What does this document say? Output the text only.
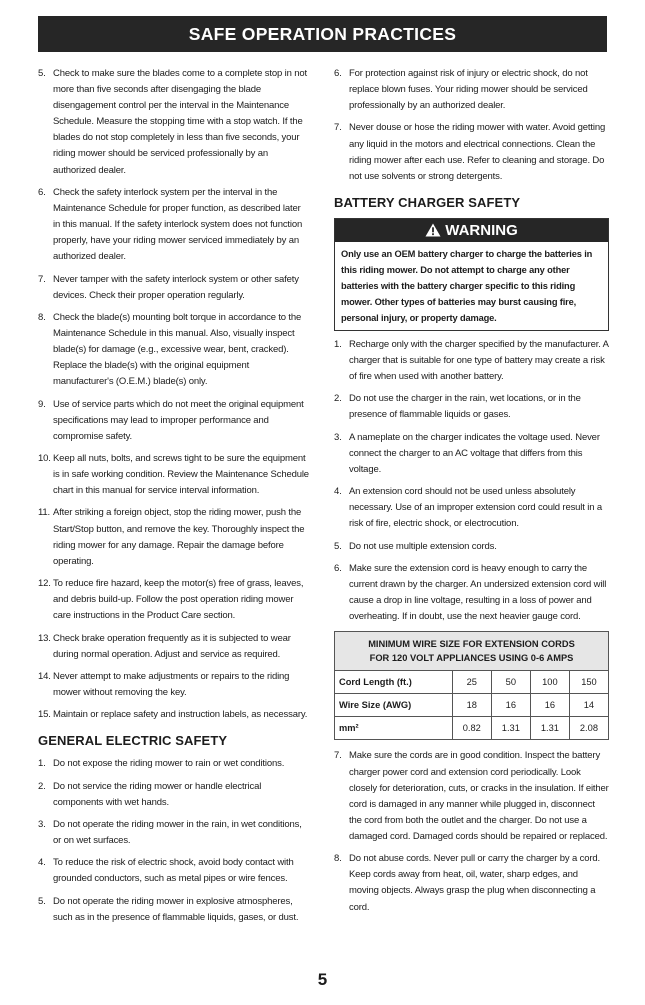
SAFE OPERATION PRACTICES
5. Check to make sure the blades come to a complete stop in not more than five seconds after disengaging the blade disengagement control per the interval in the Maintenance Schedule. Measure the stopping time with a stop watch. If the blades do not stop completely in less than five seconds, your riding mower should be serviced professionally by an authorized dealer.
6. Check the safety interlock system per the interval in the Maintenance Schedule for proper function, as described later in this manual. If the safety interlock system does not function properly, have your riding mower serviced immediately by an authorized dealer.
7. Never tamper with the safety interlock system or other safety devices. Check their proper operation regularly.
8. Check the blade(s) mounting bolt torque in accordance to the Maintenance Schedule in this manual. Also, visually inspect blade(s) for damage (e.g., excessive wear, bent, cracked). Replace the blade(s) with the original equipment manufacturer's (O.E.M.) blade(s) only.
9. Use of service parts which do not meet the original equipment specifications may lead to improper performance and compromise safety.
10. Keep all nuts, bolts, and screws tight to be sure the equipment is in safe working condition. Review the Maintenance Schedule chart in this manual for service interval information.
11. After striking a foreign object, stop the riding mower, push the Start/Stop button, and remove the key. Thoroughly inspect the riding mower for any damage. Repair the damage before operating.
12. To reduce fire hazard, keep the motor(s) free of grass, leaves, and debris build-up. Follow the post operation riding mower care instructions in the Product Care section.
13. Check brake operation frequently as it is subjected to wear during normal operation. Adjust and service as required.
14. Never attempt to make adjustments or repairs to the riding mower without removing the key.
15. Maintain or replace safety and instruction labels, as necessary.
GENERAL ELECTRIC SAFETY
1. Do not expose the riding mower to rain or wet conditions.
2. Do not service the riding mower or handle electrical components with wet hands.
3. Do not operate the riding mower in the rain, in wet conditions, or on wet surfaces.
4. To reduce the risk of electric shock, avoid body contact with grounded conductors, such as metal pipes or wire fences.
5. Do not operate the riding mower in explosive atmospheres, such as in the presence of flammable liquids, gases, or dust.
6. For protection against risk of injury or electric shock, do not replace blown fuses. Your riding mower should be serviced professionally by an authorized dealer.
7. Never douse or hose the riding mower with water. Avoid getting any liquid in the motors and electrical connections. Clean the riding mower after each use. Refer to cleaning and storage. Do not use solvents or strong detergents.
BATTERY CHARGER SAFETY
WARNING
Only use an OEM battery charger to charge the batteries in this riding mower. Do not attempt to charge any other batteries with the battery charger specific to this riding mower. Other types of batteries may burst causing fire, personal injury, or property damage.
1. Recharge only with the charger specified by the manufacturer. A charger that is suitable for one type of battery may create a risk of fire when used with another battery.
2. Do not use the charger in the rain, wet locations, or in the presence of flammable liquids or gases.
3. A nameplate on the charger indicates the voltage used. Never connect the charger to an AC voltage that differs from this voltage.
4. An extension cord should not be used unless absolutely necessary. Use of an improper extension cord could result in a risk of fire, electric shock, or electrocution.
5. Do not use multiple extension cords.
6. Make sure the extension cord is heavy enough to carry the current drawn by the charger. An undersized extension cord will cause a drop in line voltage, resulting in a loss of power and overheating. If in doubt, use the next heavier gauge cord.
MINIMUM WIRE SIZE FOR EXTENSION CORDS
FOR 120 VOLT APPLIANCES USING 0-6 AMPS				
Cord Length (ft.)	25	50	100	150
Wire Size (AWG)	18	16	16	14
mm²	0.82	1.31	1.31	2.08
7. Make sure the cords are in good condition. Inspect the battery charger power cord and extension cord periodically. Look closely for deterioration, cuts, or cracks in the insulation. If either cord is damaged in any manner while plugged in, disconnect the cord from both the outlet and the charger. Do not use a damaged cord. Damaged cords should be repaired or replaced.
8. Do not abuse cords. Never pull or carry the charger by a cord. Keep cords away from heat, oil, water, sharp edges, and moving objects. Always grasp the plug when disconnecting a cord.
5
